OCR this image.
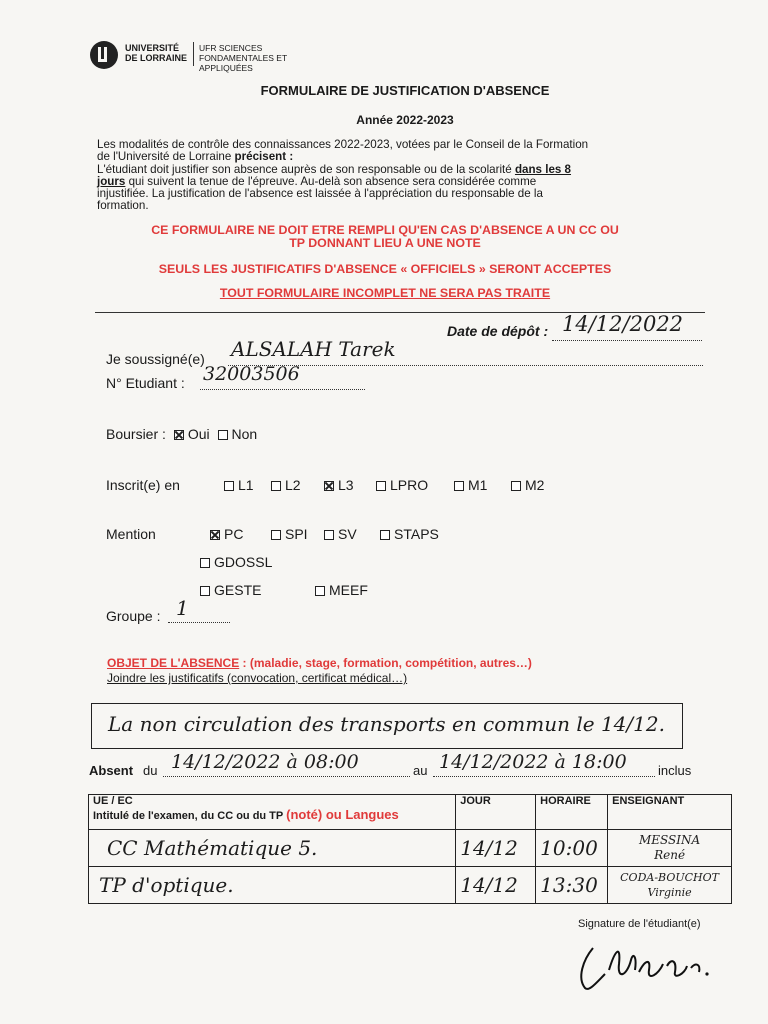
UNIVERSITÉ
DE LORRAINE
UFR SCIENCES
FONDAMENTALES ET APPLIQUÉES
FORMULAIRE DE JUSTIFICATION D'ABSENCE
Année 2022-2023
Les modalités de contrôle des connaissances 2022-2023, votées par le Conseil de la Formation
de l'Université de Lorraine précisent :
L'étudiant doit justifier son absence auprès de son responsable ou de la scolarité dans les 8
jours qui suivent la tenue de l'épreuve. Au-delà son absence sera considérée comme
injustifiée. La justification de l'absence est laissée à l'appréciation du responsable de la
formation.
CE FORMULAIRE NE DOIT ETRE REMPLI QU'EN CAS D'ABSENCE A UN CC OU
TP DONNANT LIEU A UNE NOTE
SEULS LES JUSTIFICATIFS D'ABSENCE « OFFICIELS » SERONT ACCEPTES
TOUT FORMULAIRE INCOMPLET NE SERA PAS TRAITE
Date de dépôt : 14/12/2022
Je soussigné(e) ALSALAH Tarek
N° Etudiant : 32003506
Boursier : Oui Non
Inscrit(e) en	L1	L2	L3	LPRO	M1	M2
Mention	PC	SPI	SV	STAPS
GDOSSL
GESTE	MEEF
Groupe : 1
OBJET DE L'ABSENCE : (maladie, stage, formation, compétition, autres…)
Joindre les justificatifs (convocation, certificat médical…)
La non circulation des transports en commun le 14/12.
Absent du 14/12/2022 à 08:00	au 14/12/2022 à 18:00 inclus
UE / EC
Intitulé de l'examen, du CC ou du TP (noté) ou Langues	JOUR	HORAIRE	ENSEIGNANT
CC Mathématique 5.	14/12	10:00	MESSINA
René

TP d'optique.	14/12	13:30	CODA-BOUCHOT
Virginie
Signature de l'étudiant(e)
